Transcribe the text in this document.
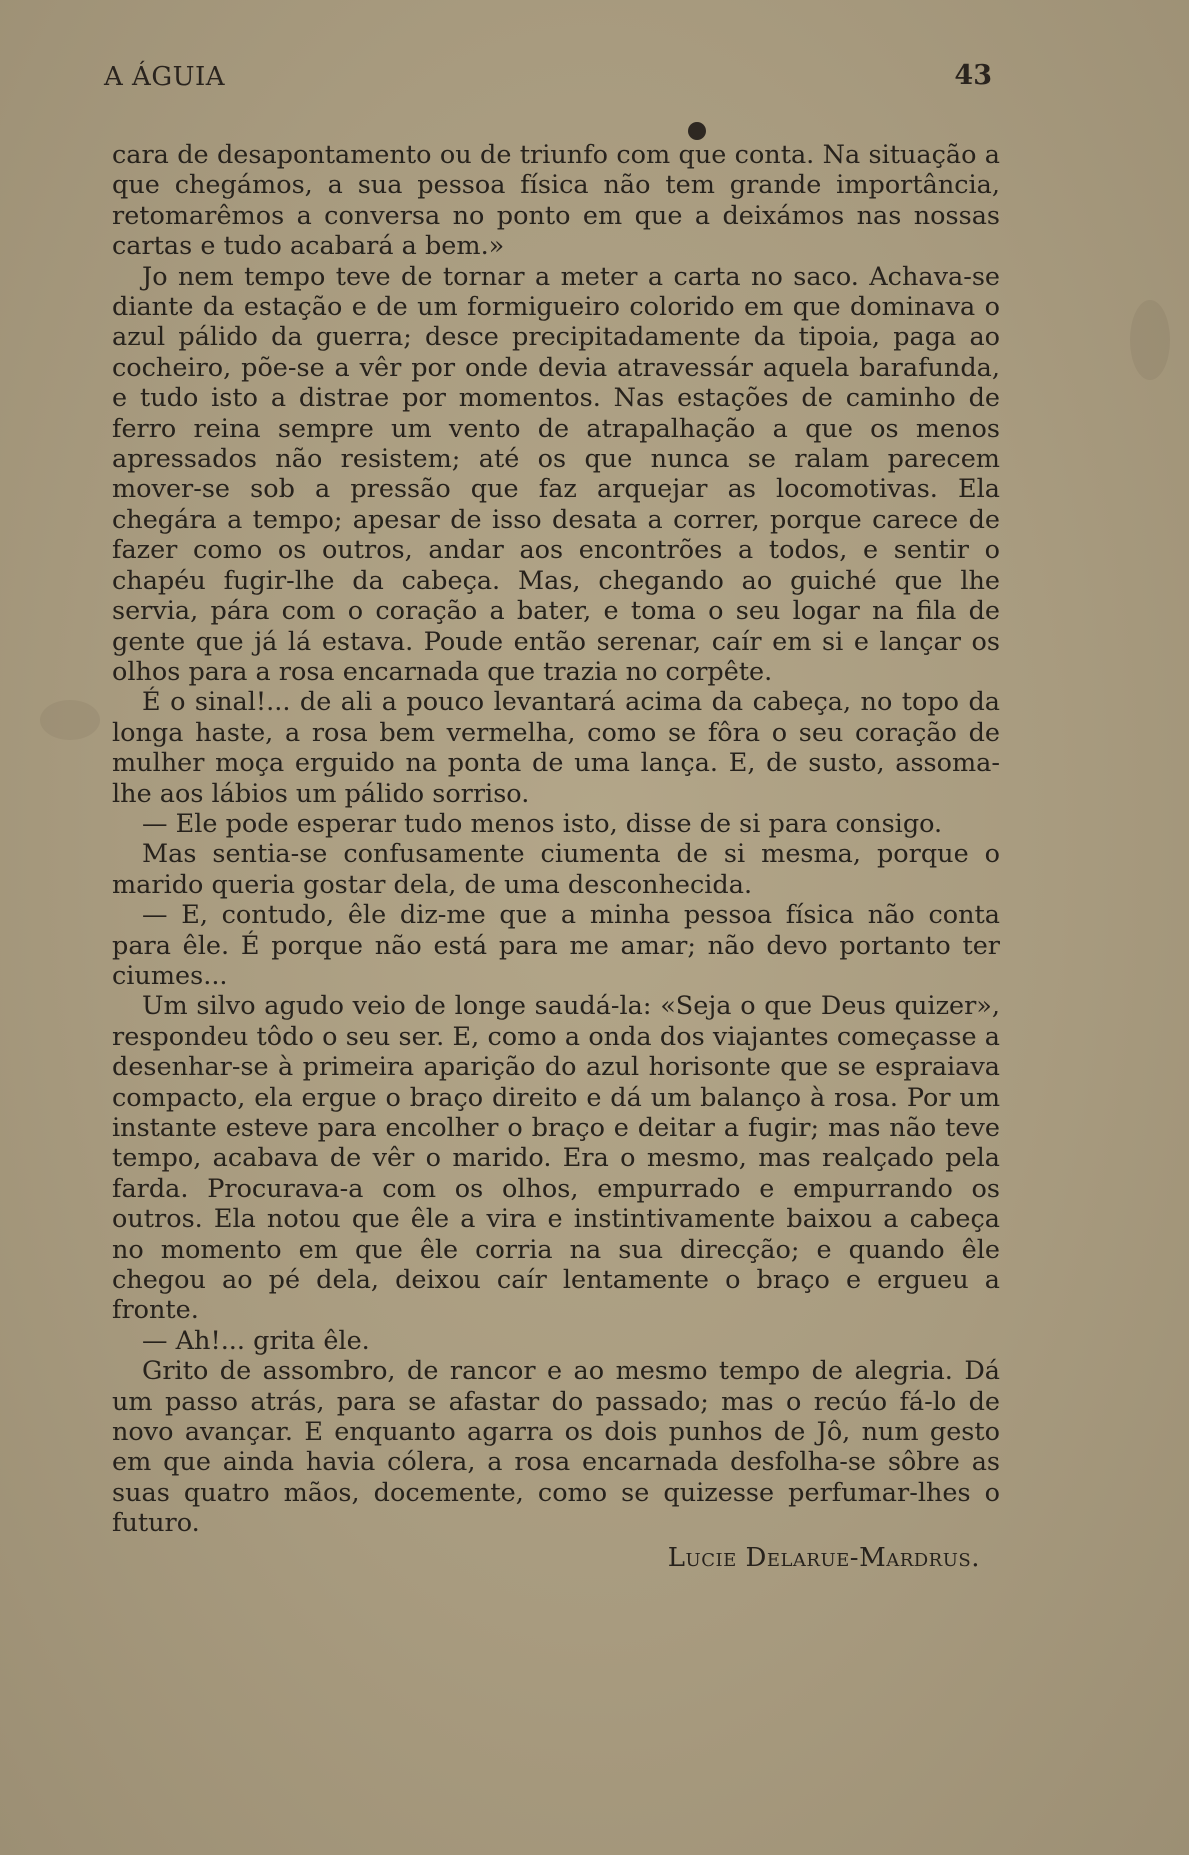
A ÁGUIA	43

cara de desapontamento ou de triunfo com que conta. Na situação a que chegámos, a sua pessoa física não tem grande importância, retomarêmos a conversa no ponto em que a deixámos nas nossas cartas e tudo acabará a bem.»

Jo nem tempo teve de tornar a meter a carta no saco. Achava-se diante da estação e de um formigueiro colorido em que dominava o azul pálido da guerra; desce precipitadamente da tipoia, paga ao cocheiro, põe-se a vêr por onde devia atravessár aquela barafunda, e tudo isto a distrae por momentos. Nas estações de caminho de ferro reina sempre um vento de atrapalhação a que os menos apressados não resistem; até os que nunca se ralam parecem mover-se sob a pressão que faz arquejar as locomotivas. Ela chegára a tempo; apesar de isso desata a correr, porque carece de fazer como os outros, andar aos encontrões a todos, e sentir o chapéu fugir-lhe da cabeça. Mas, chegando ao guiché que lhe servia, pára com o coração a bater, e toma o seu logar na fila de gente que já lá estava. Poude então serenar, caír em si e lançar os olhos para a rosa encarnada que trazia no corpête.

É o sinal!... de ali a pouco levantará acima da cabeça, no topo da longa haste, a rosa bem vermelha, como se fôra o seu coração de mulher moça erguido na ponta de uma lança. E, de susto, assoma-lhe aos lábios um pálido sorriso.

— Ele pode esperar tudo menos isto, disse de si para consigo.

Mas sentia-se confusamente ciumenta de si mesma, porque o marido queria gostar dela, de uma desconhecida.

— E, contudo, êle diz-me que a minha pessoa física não conta para êle. É porque não está para me amar; não devo portanto ter ciumes...

Um silvo agudo veio de longe saudá-la: «Seja o que Deus quizer», respondeu tôdo o seu ser. E, como a onda dos viajantes começasse a desenhar-se à primeira aparição do azul horisonte que se espraiava compacto, ela ergue o braço direito e dá um balanço à rosa. Por um instante esteve para encolher o braço e deitar a fugir; mas não teve tempo, acabava de vêr o marido. Era o mesmo, mas realçado pela farda. Procurava-a com os olhos, empurrado e empurrando os outros. Ela notou que êle a vira e instintivamente baixou a cabeça no momento em que êle corria na sua direcção; e quando êle chegou ao pé dela, deixou caír lentamente o braço e ergueu a fronte.

— Ah!... grita êle.

Grito de assombro, de rancor e ao mesmo tempo de alegria. Dá um passo atrás, para se afastar do passado; mas o recúo fá-lo de novo avançar. E enquanto agarra os dois punhos de Jô, num gesto em que ainda havia cólera, a rosa encarnada desfolha-se sôbre as suas quatro mãos, docemente, como se quizesse perfumar-lhes o futuro.

Lucie Delarue-Mardrus.
